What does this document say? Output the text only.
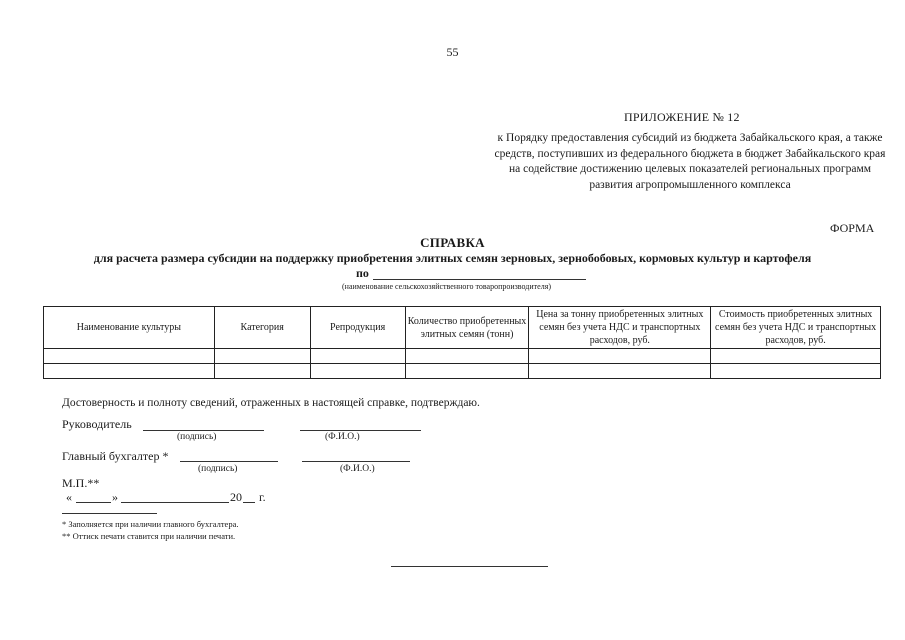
55
ПРИЛОЖЕНИЕ № 12
к Порядку предоставления субсидий из бюджета Забайкальского края, а также средств, поступивших из федерального бюджета в бюджет Забайкальского края на содействие достижению целевых показателей региональных программ развития агропромышленного комплекса
ФОРМА
СПРАВКА
для расчета размера субсидии на поддержку приобретения элитных семян зерновых, зернобобовых, кормовых культур и картофеля
по
(наименование сельскохозяйственного товаропроизводителя)
Наименование культуры	Категория	Репродукция	Количество приобретенных элитных семян (тонн)	Цена за тонну приобретенных элитных семян без учета НДС и транспортных расходов, руб.	Стоимость приобретенных элитных семян без учета НДС и транспортных расходов, руб.

Достоверность и полноту сведений, отраженных в настоящей справке, подтверждаю.
Руководитель
(подпись)	(Ф.И.О.)
Главный бухгалтер *
(подпись)	(Ф.И.О.)
М.П.**
«	»	20 г.
* Заполняется при наличии главного бухгалтера.
** Оттиск печати ставится при наличии печати.
